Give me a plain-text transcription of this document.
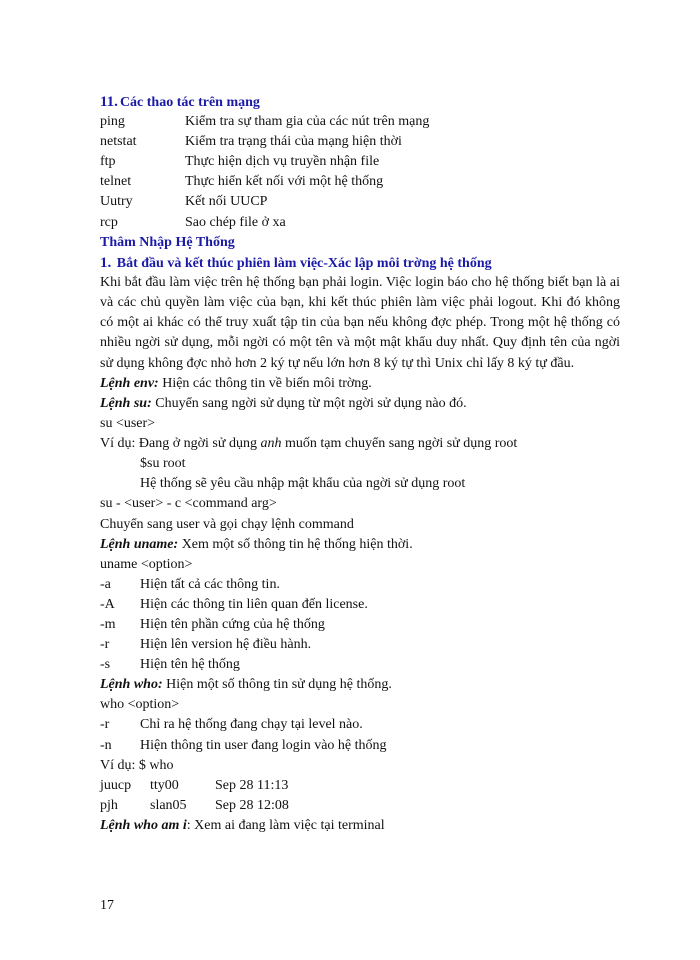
11. Các thao tác trên mạng
ping	Kiểm tra sự tham gia của các nút trên mạng
netstat	Kiểm tra trạng thái của mạng hiện thời
ftp	Thực hiện dịch vụ truyền nhận file
telnet	Thực hiển kết nối với một hệ thống
Uutry	Kết nối UUCP
rcp	Sao chép file ở xa
Thâm Nhập Hệ Thống
1. Bắt đầu và kết thúc phiên làm việc-Xác lập môi trờng hệ thống
Khi bắt đầu làm việc trên hệ thống bạn phải login. Việc login báo cho hệ thống biết bạn là ai và các chủ quyền làm việc của bạn, khi kết thúc phiên làm việc phải logout. Khi đó không có một ai khác có thể truy xuất tập tin của bạn nếu không đợc phép. Trong một hệ thống có nhiều ngời sử dụng, mỗi ngời có một tên và một mật khẩu duy nhất. Quy định tên của ngời sử dụng không đợc nhỏ hơn 2 ký tự nếu lớn hơn 8 ký tự thì Unix chỉ lấy 8 ký tự đầu.
Lệnh env: Hiện các thông tin về biến môi trờng.
Lệnh su: Chuyển sang ngời sử dụng từ một ngời sử dụng nào đó.
su <user>
Ví dụ: Đang ở ngời sử dụng anh muốn tạm chuyển sang ngời sử dụng root
$su root
Hệ thống sẽ yêu cầu nhập mật khẩu của ngời sử dụng root
su - <user> - c <command arg>
Chuyển sang user và gọi chạy lệnh command
Lệnh uname: Xem một số thông tin hệ thống hiện thời.
uname <option>
-a	Hiện tất cả các thông tin.
-A	Hiện các thông tin liên quan đến license.
-m	Hiện tên phần cứng của hệ thống
-r	Hiện lên version hệ điều hành.
-s	Hiện tên hệ thống
Lệnh who: Hiện một số thông tin sử dụng hệ thống.
who <option>
-r	Chỉ ra hệ thống đang chạy tại level nào.
-n	Hiện thông tin user đang login vào hệ thống
Ví dụ: $ who
juucp	tty00	Sep 28 11:13
pjh	slan05	Sep 28 12:08
Lệnh who am i: Xem ai đang làm việc tại terminal
17
